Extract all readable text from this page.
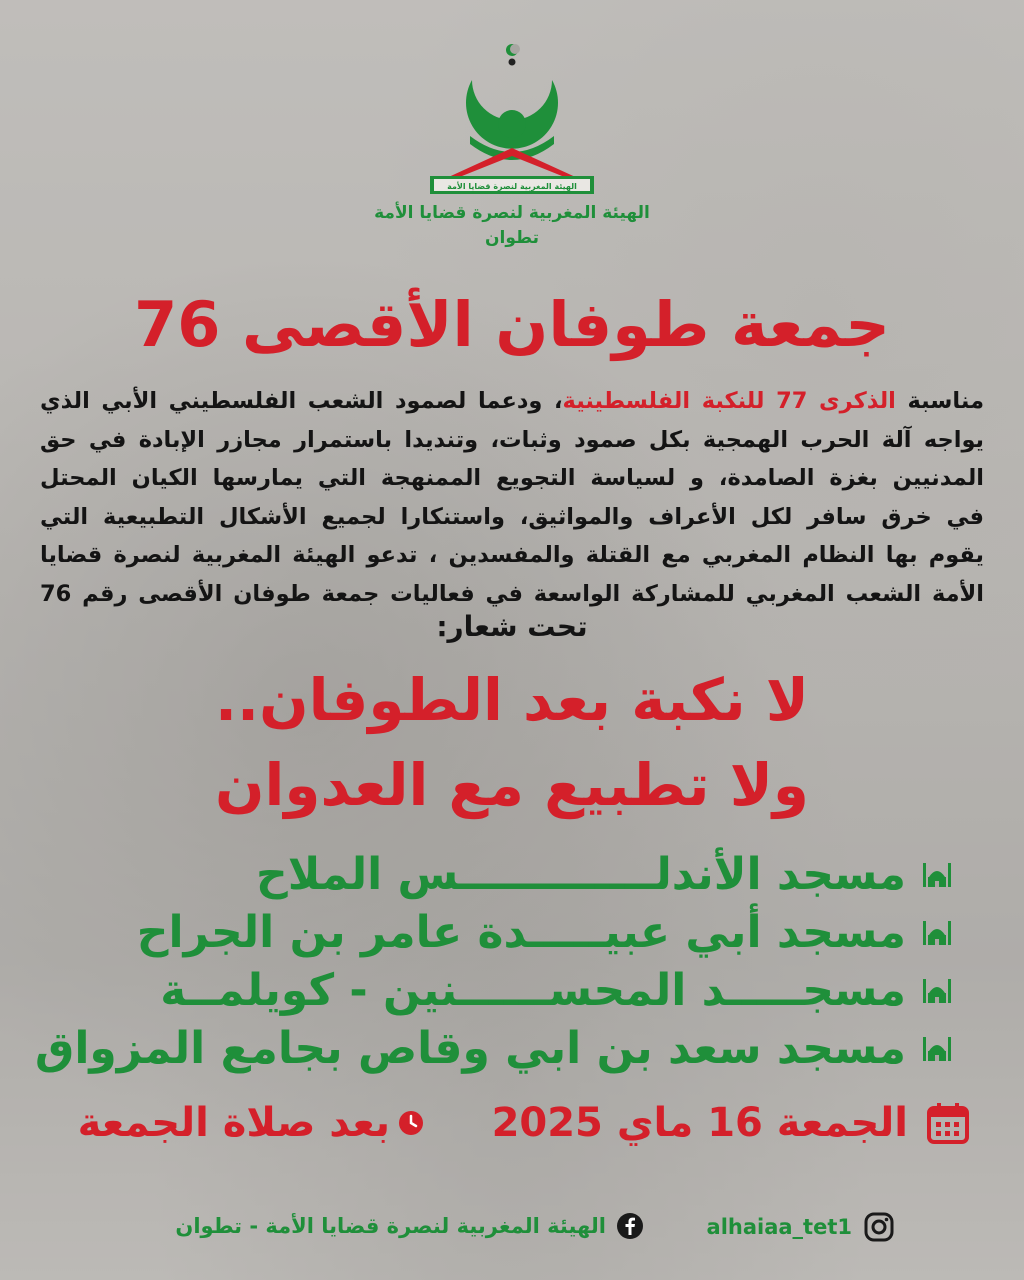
الهيئة المغربية لنصرة قضايا الأمة
الهيئة المغربية لنصرة قضايا الأمة
تطوان
جمعة طوفان الأقصى 76
مناسبة الذكرى 77 للنكبة الفلسطينية، ودعما لصمود الشعب الفلسطيني الأبي الذي
يواجه آلة الحرب الهمجية بكل صمود وثبات، وتنديدا باستمرار مجازر الإبادة في حق
المدنيين بغزة الصامدة، و لسياسة التجويع الممنهجة التي يمارسها الكيان المحتل
في خرق سافر لكل الأعراف والمواثيق، واستنكارا لجميع الأشكال التطبيعية التي
يقوم بها النظام المغربي مع القتلة والمفسدين ، تدعو الهيئة المغربية لنصرة قضايا
الأمة الشعب المغربي للمشاركة الواسعة في فعاليات جمعة طوفان الأقصى رقم 76
تحت شعار:
لا نكبة بعد الطوفان..
ولا تطبيع مع العدوان
مسجد الأندلـــــــــــــس الملاح
مسجد أبي عبيـــــدة عامر بن الجراح
مسجـــــد المحســــــنين - كويلمــة
مسجد سعد بن ابي وقاص بجامع المزواق
الجمعة 16 ماي 2025
بعد صلاة الجمعة
alhaiaa_tet1
الهيئة المغربية لنصرة قضايا الأمة - تطوان
